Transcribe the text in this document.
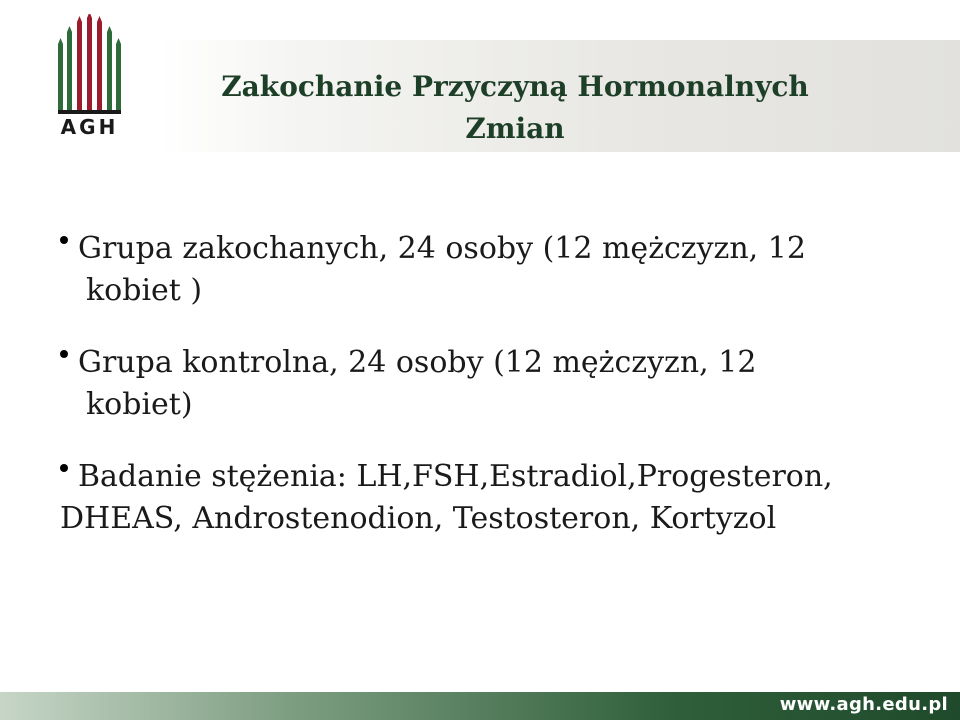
AGH
Zakochanie Przyczyną Hormonalnych
Zmian
Grupa zakochanych, 24 osoby (12 mężczyzn, 12
kobiet )
Grupa kontrolna, 24 osoby (12 mężczyzn, 12
kobiet)
Badanie stężenia: LH,FSH,Estradiol,Progesteron,
DHEAS, Androstenodion, Testosteron, Kortyzol
www.agh.edu.pl
